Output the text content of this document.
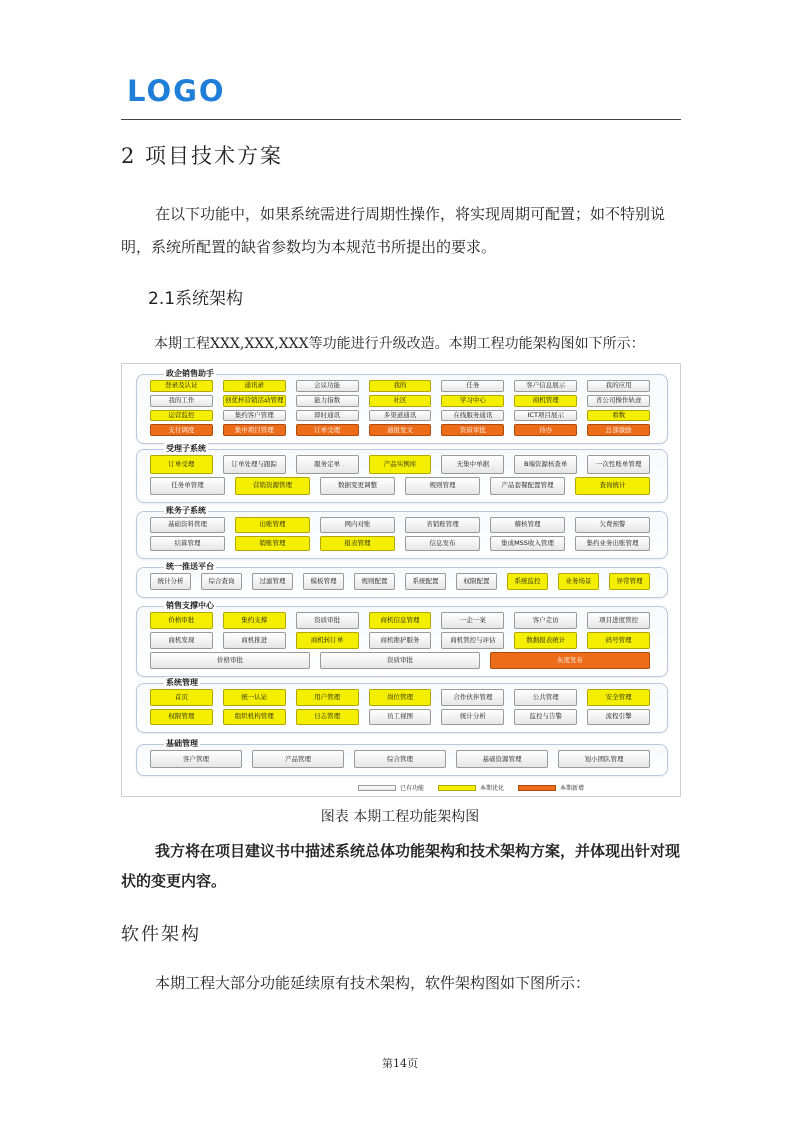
LOGO
2 项目技术方案
在以下功能中，如果系统需进行周期性操作，将实现周期可配置；如不特别说明，系统所配置的缺省参数均为本规范书所提出的要求。
2.1系统架构
本期工程XXX,XXX,XXX等功能进行升级改造。本期工程功能架构图如下所示：
已有功能	本期优化	本期新增
政企销售助手
登录及认证	通讯录	会议功能	我的	任务	客户信息展示	我的应用
我的工作	创优杯营销活动管理	能力指数	社区	学习中心	商机管理	省公司操作轨迹
运营监控	集约客户管理	即时通讯	多渠道通讯	在线服务通讯	ICT项目展示	看数
支付调度	集中项目管理	订单受理	通报发文	资质审批	待办	总部激励
受理子系统
订单受理	订单处理与跟踪	服务定单	产品实例库	无集中单据	B端资源核查单	一次性账单管理
任务单管理	营销资源管理	数据变更调整	规则管理	产品套餐配置管理	查询统计
账务子系统
基础资料管理	出账管理	网内对账	省销账管理	稽核管理	欠费预警
结算管理	销账管理	报表管理	信息发布	集成MSS收入管理	集约业务出账管理
统一推送平台
统计分析	综合查询	过滤管理	模板管理	规则配置	系统配置	权限配置	系统监控	业务场景	异常管理
销售支撑中心
价格审批	集约支撑	资质审批	商机信息管理	一企一案	客户走访	项目进度管控
商机发现	商机推进	商机转订单	商机维护服务	商机管控与评估	数据报表统计	码号管理
价格审批	资质审批	灰度发布
系统管理
首页	统一认证	用户管理	岗位管理	合作伙伴管理	公共管理	安全管理
权限管理	组织机构管理	日志管理	员工视图	统计分析	监控与告警	流程引擎
基础管理
客户管理	产品管理	综合管理	基础资源管理	划小团队管理
图表 本期工程功能架构图
我方将在项目建议书中描述系统总体功能架构和技术架构方案，并体现出针对现状的变更内容。
软件架构
本期工程大部分功能延续原有技术架构，软件架构图如下图所示：
第14页
